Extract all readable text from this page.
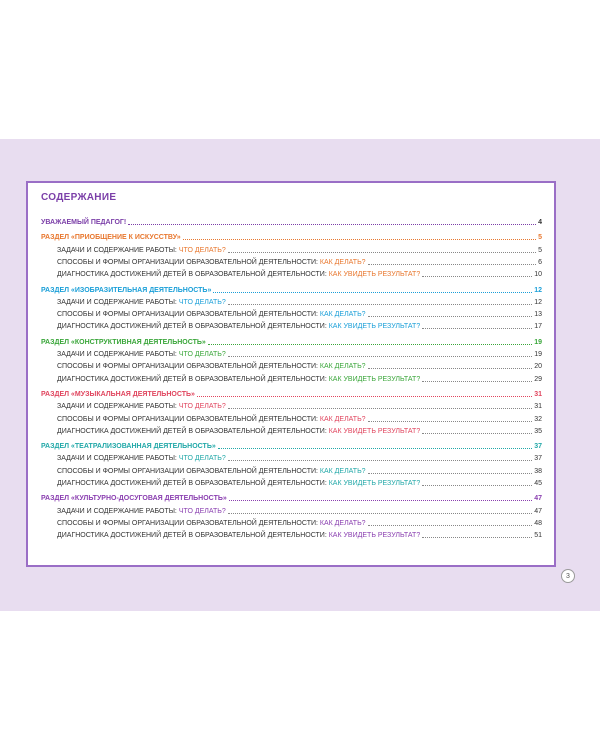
СОДЕРЖАНИЕ
УВАЖАЕМЫЙ ПЕДАГОГ!	4
РАЗДЕЛ «ПРИОБЩЕНИЕ К ИСКУССТВУ»	5
ЗАДАЧИ И СОДЕРЖАНИЕ РАБОТЫ: ЧТО ДЕЛАТЬ?	5
СПОСОБЫ И ФОРМЫ ОРГАНИЗАЦИИ ОБРАЗОВАТЕЛЬНОЙ ДЕЯТЕЛЬНОСТИ: КАК ДЕЛАТЬ?	6
ДИАГНОСТИКА ДОСТИЖЕНИЙ ДЕТЕЙ В ОБРАЗОВАТЕЛЬНОЙ ДЕЯТЕЛЬНОСТИ: КАК УВИДЕТЬ РЕЗУЛЬТАТ?	10
РАЗДЕЛ «ИЗОБРАЗИТЕЛЬНАЯ ДЕЯТЕЛЬНОСТЬ»	12
ЗАДАЧИ И СОДЕРЖАНИЕ РАБОТЫ: ЧТО ДЕЛАТЬ?	12
СПОСОБЫ И ФОРМЫ ОРГАНИЗАЦИИ ОБРАЗОВАТЕЛЬНОЙ ДЕЯТЕЛЬНОСТИ: КАК ДЕЛАТЬ?	13
ДИАГНОСТИКА ДОСТИЖЕНИЙ ДЕТЕЙ В ОБРАЗОВАТЕЛЬНОЙ ДЕЯТЕЛЬНОСТИ: КАК УВИДЕТЬ РЕЗУЛЬТАТ?	17
РАЗДЕЛ «КОНСТРУКТИВНАЯ ДЕЯТЕЛЬНОСТЬ»	19
ЗАДАЧИ И СОДЕРЖАНИЕ РАБОТЫ: ЧТО ДЕЛАТЬ?	19
СПОСОБЫ И ФОРМЫ ОРГАНИЗАЦИИ ОБРАЗОВАТЕЛЬНОЙ ДЕЯТЕЛЬНОСТИ: КАК ДЕЛАТЬ?	20
ДИАГНОСТИКА ДОСТИЖЕНИЙ ДЕТЕЙ В ОБРАЗОВАТЕЛЬНОЙ ДЕЯТЕЛЬНОСТИ: КАК УВИДЕТЬ РЕЗУЛЬТАТ?	29
РАЗДЕЛ «МУЗЫКАЛЬНАЯ ДЕЯТЕЛЬНОСТЬ»	31
ЗАДАЧИ И СОДЕРЖАНИЕ РАБОТЫ: ЧТО ДЕЛАТЬ?	31
СПОСОБЫ И ФОРМЫ ОРГАНИЗАЦИИ ОБРАЗОВАТЕЛЬНОЙ ДЕЯТЕЛЬНОСТИ: КАК ДЕЛАТЬ?	32
ДИАГНОСТИКА ДОСТИЖЕНИЙ ДЕТЕЙ В ОБРАЗОВАТЕЛЬНОЙ ДЕЯТЕЛЬНОСТИ: КАК УВИДЕТЬ РЕЗУЛЬТАТ?	35
РАЗДЕЛ «ТЕАТРАЛИЗОВАННАЯ ДЕЯТЕЛЬНОСТЬ»	37
ЗАДАЧИ И СОДЕРЖАНИЕ РАБОТЫ: ЧТО ДЕЛАТЬ?	37
СПОСОБЫ И ФОРМЫ ОРГАНИЗАЦИИ ОБРАЗОВАТЕЛЬНОЙ ДЕЯТЕЛЬНОСТИ: КАК ДЕЛАТЬ?	38
ДИАГНОСТИКА ДОСТИЖЕНИЙ ДЕТЕЙ В ОБРАЗОВАТЕЛЬНОЙ ДЕЯТЕЛЬНОСТИ: КАК УВИДЕТЬ РЕЗУЛЬТАТ?	45
РАЗДЕЛ «КУЛЬТУРНО-ДОСУГОВАЯ ДЕЯТЕЛЬНОСТЬ»	47
ЗАДАЧИ И СОДЕРЖАНИЕ РАБОТЫ: ЧТО ДЕЛАТЬ?	47
СПОСОБЫ И ФОРМЫ ОРГАНИЗАЦИИ ОБРАЗОВАТЕЛЬНОЙ ДЕЯТЕЛЬНОСТИ: КАК ДЕЛАТЬ?	48
ДИАГНОСТИКА ДОСТИЖЕНИЙ ДЕТЕЙ В ОБРАЗОВАТЕЛЬНОЙ ДЕЯТЕЛЬНОСТИ: КАК УВИДЕТЬ РЕЗУЛЬТАТ?	51
3
